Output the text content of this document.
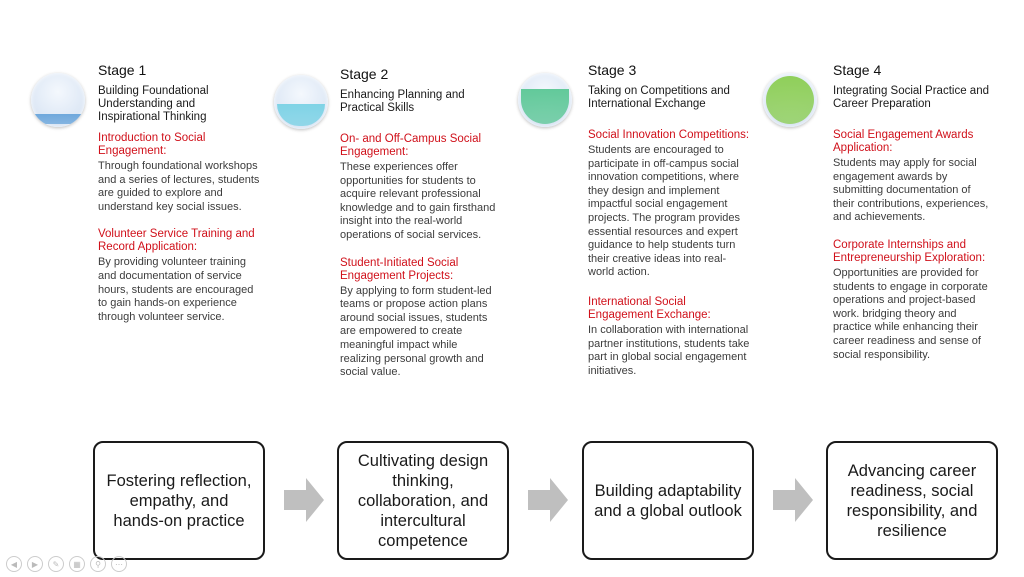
Stage 1
Building Foundational Understanding and Inspirational Thinking
Introduction to Social Engagement:
Through foundational workshops and a series of lectures, students are guided to explore and understand key social issues.
Volunteer Service Training and Record Application:
By providing volunteer training and documentation of service hours, students are encouraged to gain hands-on experience through volunteer service.
Stage 2
Enhancing Planning and Practical Skills
On- and Off-Campus Social Engagement:
These experiences offer opportunities for students to acquire relevant professional knowledge and to gain firsthand insight into the real-world operations of social services.
Student-Initiated Social Engagement Projects:
By applying to form student-led teams or propose action plans around social issues, students are empowered to create meaningful impact while realizing personal growth and social value.
Stage 3
Taking on Competitions and International Exchange
Social Innovation Competitions:
Students are encouraged to participate in off-campus social innovation competitions, where they design and implement impactful social engagement projects. The program provides essential resources and expert guidance to help students turn their creative ideas into real-world action.
International Social Engagement Exchange:
In collaboration with international partner institutions, students take part in global social engagement initiatives.
Stage 4
Integrating Social Practice and Career Preparation
Social Engagement Awards Application:
Students may apply for social engagement awards by submitting documentation of their contributions, experiences, and achievements.
Corporate Internships and Entrepreneurship Exploration:
Opportunities are provided for students to engage in corporate operations and project-based work. bridging theory and practice while enhancing their career readiness and sense of social responsibility.
Fostering reflection, empathy, and hands-on practice
Cultivating design thinking, collaboration, and intercultural competence
Building adaptability and a global outlook
Advancing career readiness, social responsibility, and resilience
◀	▶	✎	▦	⚲	⋯
